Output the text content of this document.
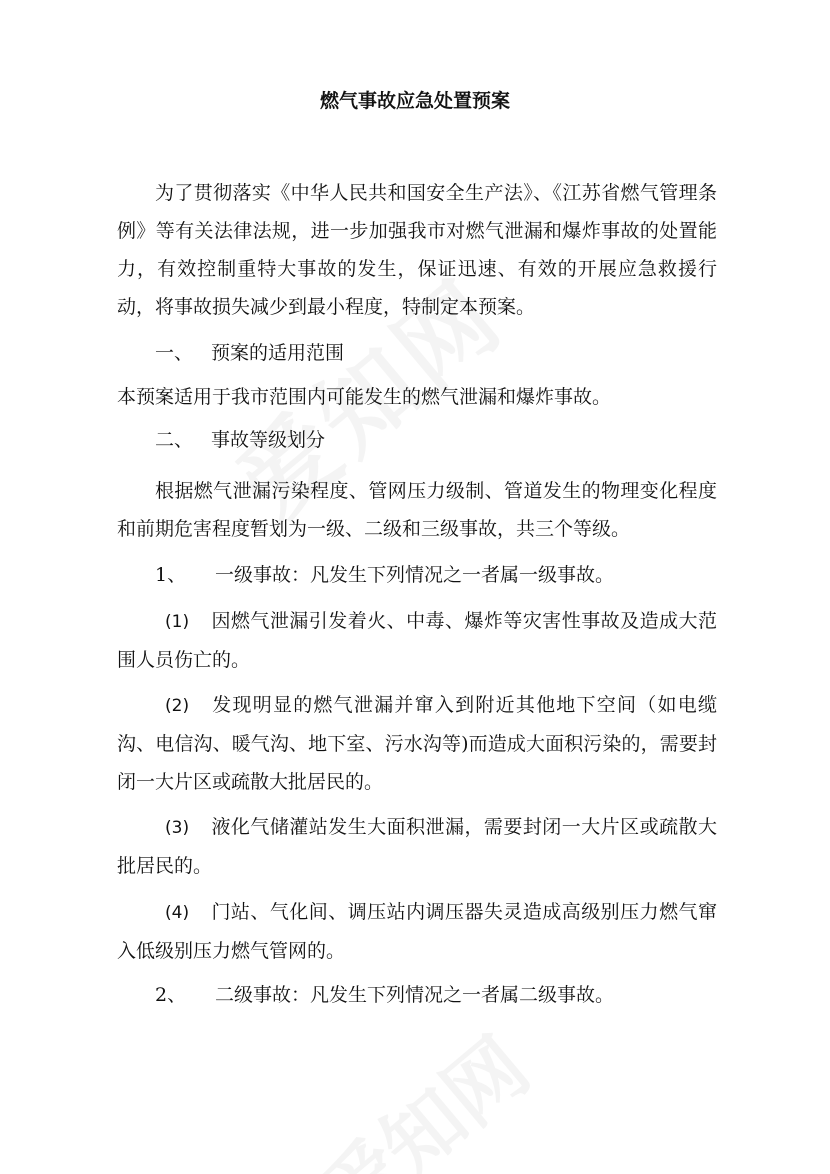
燃气事故应急处置预案

为了贯彻落实《中华人民共和国安全生产法》、《江苏省燃气管理条例》等有关法律法规，进一步加强我市对燃气泄漏和爆炸事故的处置能力，有效控制重特大事故的发生，保证迅速、有效的开展应急救援行动，将事故损失减少到最小程度，特制定本预案。

一、 预案的适用范围

本预案适用于我市范围内可能发生的燃气泄漏和爆炸事故。

二、 事故等级划分

根据燃气泄漏污染程度、管网压力级制、管道发生的物理变化程度和前期危害程度暂划为一级、二级和三级事故，共三个等级。

1、 一级事故：凡发生下列情况之一者属一级事故。

(1) 因燃气泄漏引发着火、中毒、爆炸等灾害性事故及造成大范围人员伤亡的。

(2) 发现明显的燃气泄漏并窜入到附近其他地下空间（如电缆沟、电信沟、暖气沟、地下室、污水沟等)而造成大面积污染的，需要封闭一大片区或疏散大批居民的。

(3) 液化气储灌站发生大面积泄漏，需要封闭一大片区或疏散大批居民的。

(4) 门站、气化间、调压站内调压器失灵造成高级别压力燃气窜入低级别压力燃气管网的。

2、 二级事故：凡发生下列情况之一者属二级事故。
